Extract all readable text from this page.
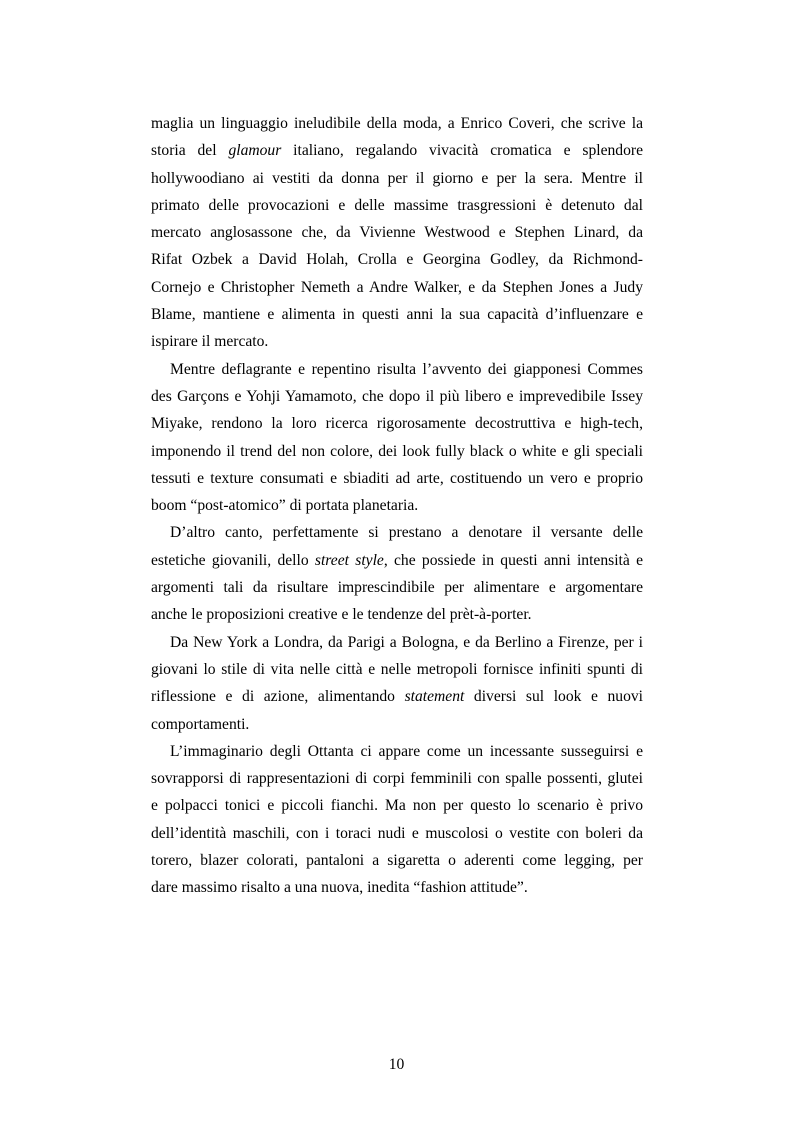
maglia un linguaggio ineludibile della moda, a Enrico Coveri, che scrive la
storia del glamour italiano, regalando vivacità cromatica e splendore
hollywoodiano ai vestiti da donna per il giorno e per la sera. Mentre il
primato delle provocazioni e delle massime trasgressioni è detenuto dal
mercato anglosassone che, da Vivienne Westwood e Stephen Linard, da
Rifat Ozbek a David Holah, Crolla e Georgina Godley, da Richmond-
Cornejo e Christopher Nemeth a Andre Walker, e da Stephen Jones a Judy
Blame, mantiene e alimenta in questi anni la sua capacità d’influenzare e
ispirare il mercato.
Mentre deflagrante e repentino risulta l’avvento dei giapponesi Commes
des Garçons e Yohji Yamamoto, che dopo il più libero e imprevedibile Issey
Miyake, rendono la loro ricerca rigorosamente decostruttiva e high-tech,
imponendo il trend del non colore, dei look fully black o white e gli speciali
tessuti e texture consumati e sbiaditi ad arte, costituendo un vero e proprio
boom “post-atomico” di portata planetaria.
D’altro canto, perfettamente si prestano a denotare il versante delle
estetiche giovanili, dello street style, che possiede in questi anni intensità e
argomenti tali da risultare imprescindibile per alimentare e argomentare
anche le proposizioni creative e le tendenze del prèt-à-porter.
Da New York a Londra, da Parigi a Bologna, e da Berlino a Firenze, per i
giovani lo stile di vita nelle città e nelle metropoli fornisce infiniti spunti di
riflessione e di azione, alimentando statement diversi sul look e nuovi
comportamenti.
L’immaginario degli Ottanta ci appare come un incessante susseguirsi e
sovrapporsi di rappresentazioni di corpi femminili con spalle possenti, glutei
e polpacci tonici e piccoli fianchi. Ma non per questo lo scenario è privo
dell’identità maschili, con i toraci nudi e muscolosi o vestite con boleri da
torero, blazer colorati, pantaloni a sigaretta o aderenti come legging, per
dare massimo risalto a una nuova, inedita “fashion attitude”.
10
